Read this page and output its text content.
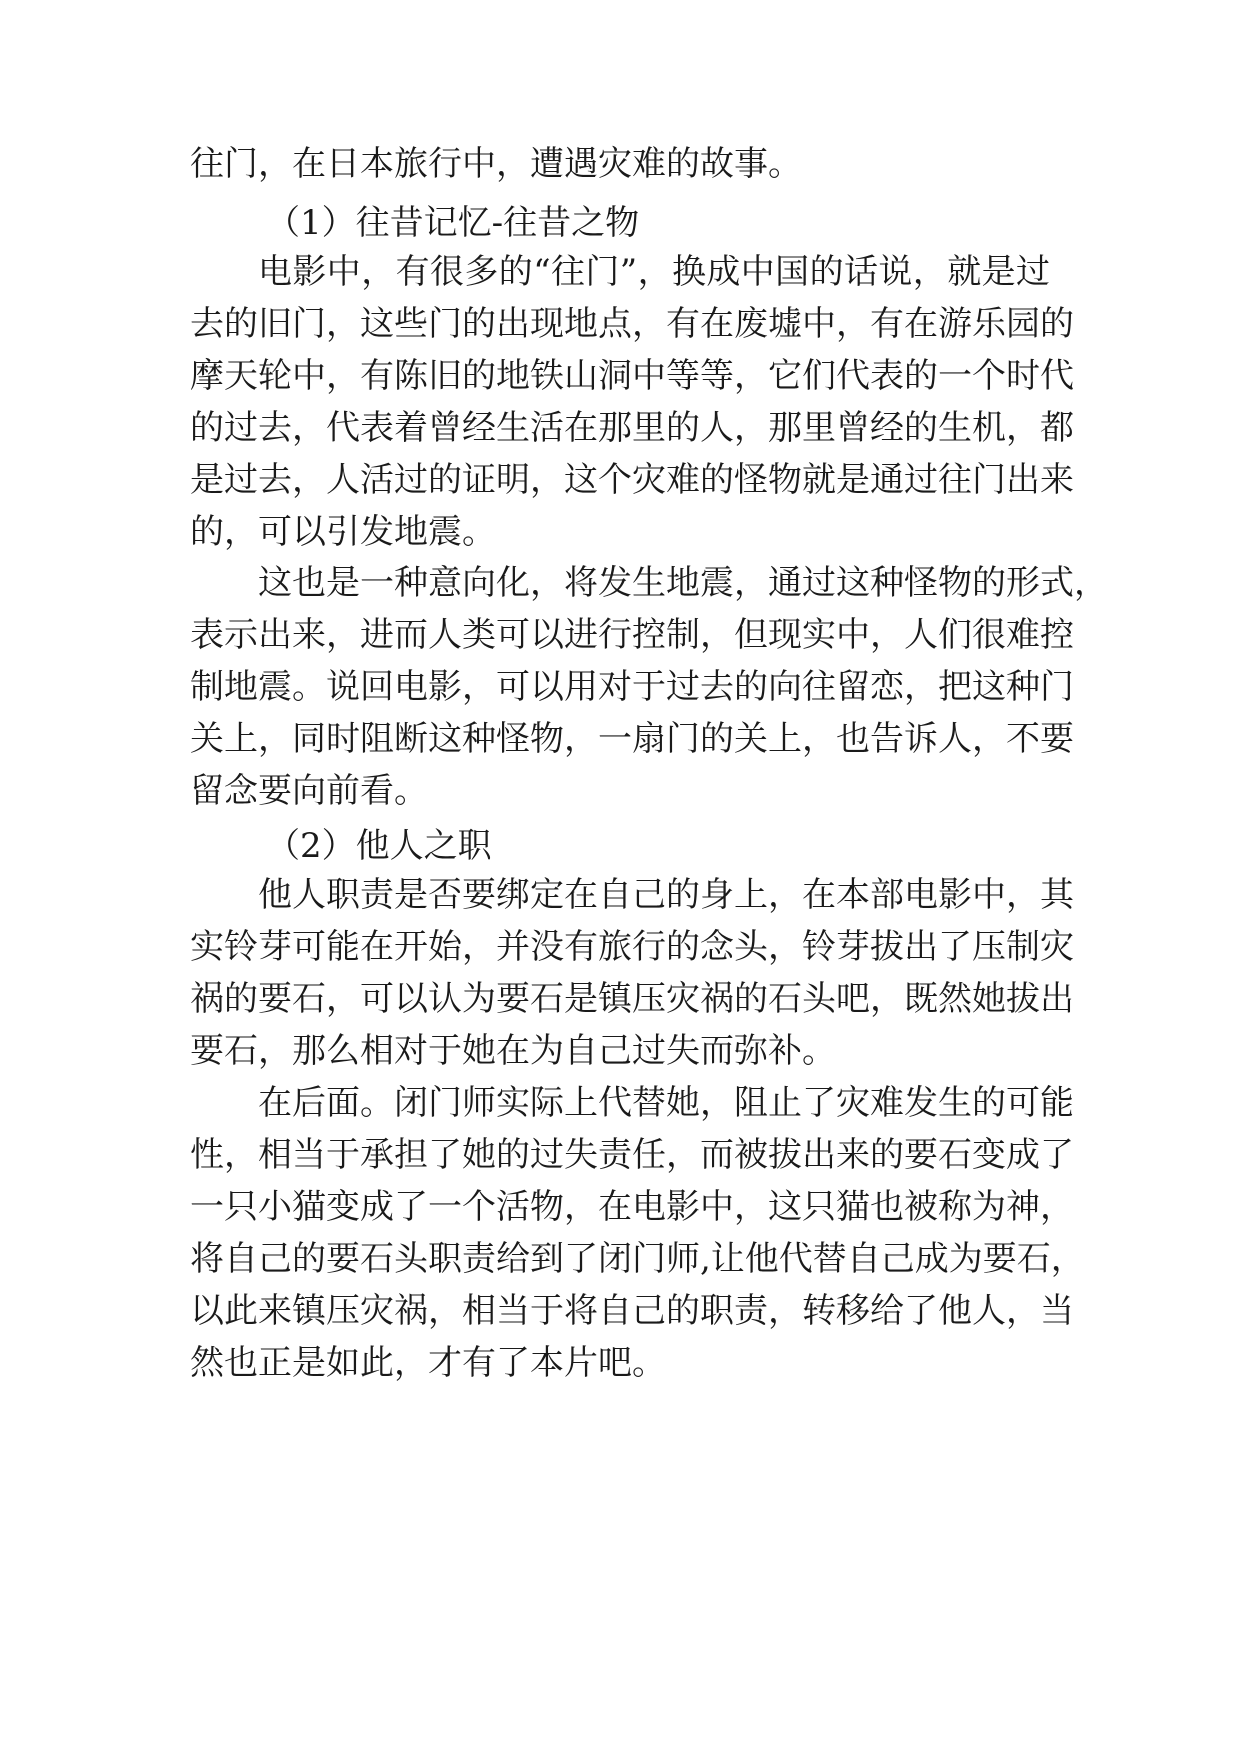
往门，在日本旅行中，遭遇灾难的故事。
（1）往昔记忆-往昔之物
电影中，有很多的“往门”，换成中国的话说，就是过
去的旧门，这些门的出现地点，有在废墟中，有在游乐园的
摩天轮中，有陈旧的地铁山洞中等等，它们代表的一个时代
的过去，代表着曾经生活在那里的人，那里曾经的生机，都
是过去，人活过的证明，这个灾难的怪物就是通过往门出来
的，可以引发地震。
这也是一种意向化，将发生地震，通过这种怪物的形式，
表示出来，进而人类可以进行控制，但现实中，人们很难控
制地震。说回电影，可以用对于过去的向往留恋，把这种门
关上，同时阻断这种怪物，一扇门的关上，也告诉人，不要
留念要向前看。
（2）他人之职
他人职责是否要绑定在自己的身上，在本部电影中，其
实铃芽可能在开始，并没有旅行的念头，铃芽拔出了压制灾
祸的要石，可以认为要石是镇压灾祸的石头吧，既然她拔出
要石，那么相对于她在为自己过失而弥补。
在后面。闭门师实际上代替她，阻止了灾难发生的可能
性，相当于承担了她的过失责任，而被拔出来的要石变成了
一只小猫变成了一个活物，在电影中，这只猫也被称为神，
将自己的要石头职责给到了闭门师,让他代替自己成为要石，
以此来镇压灾祸，相当于将自己的职责，转移给了他人，当
然也正是如此，才有了本片吧。
